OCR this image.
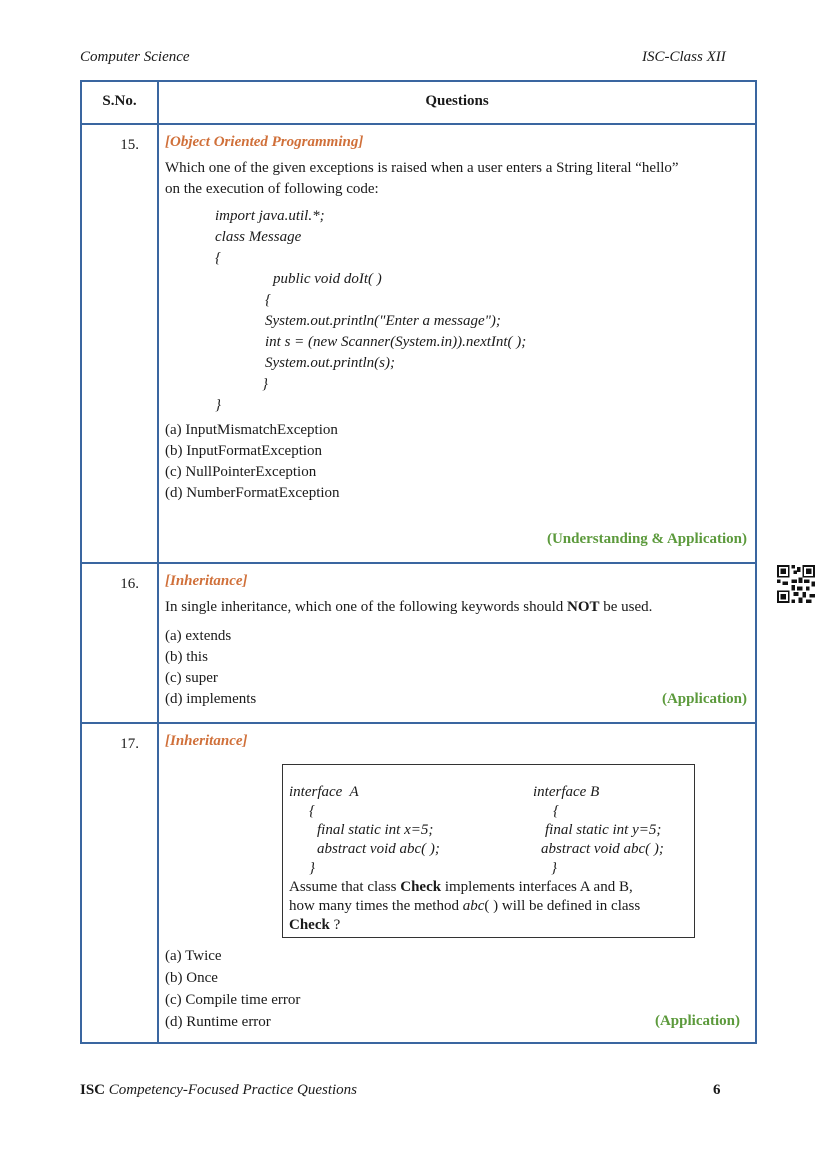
Computer Science	ISC-Class XII
S.No.	Questions
15.	[Object Oriented Programming]
Which one of the given exceptions is raised when a user enters a String literal “hello”
on the execution of following code:
import java.util.*;
class Message
{
public void doIt( )
{
System.out.println("Enter a message");
int s = (new Scanner(System.in)).nextInt( );
System.out.println(s);
}
}
(a) InputMismatchException
(b) InputFormatException
(c) NullPointerException
(d) NumberFormatException
(Understanding & Application)
16.	[Inheritance]
In single inheritance, which one of the following keywords should NOT be used.
(a) extends
(b) this
(c) super
(d) implements	(Application)
17.	[Inheritance]
interface  A	interface B
{	{
final static int x=5;	final static int y=5;
abstract void abc( );	abstract void abc( );
}	}
Assume that class Check implements interfaces A and B,
how many times the method abc( ) will be defined in class
Check ?
(a) Twice
(b) Once
(c) Compile time error
(d) Runtime error	(Application)
ISC Competency-Focused Practice Questions	6
